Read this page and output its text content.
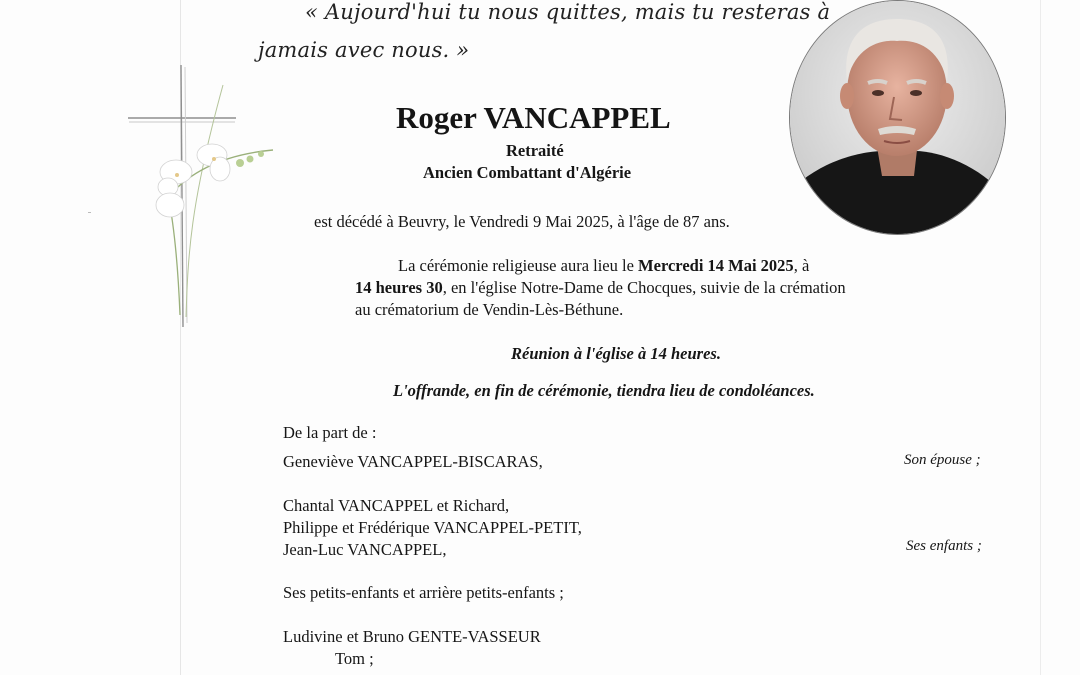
« Aujourd'hui tu nous quittes, mais tu resteras à
jamais avec nous. »
Roger VANCAPPEL
Retraité
Ancien Combattant d'Algérie
est décédé à Beuvry, le Vendredi 9 Mai 2025, à l'âge de 87 ans.
La cérémonie religieuse aura lieu le Mercredi 14 Mai 2025, à
14 heures 30, en l'église Notre-Dame de Chocques, suivie de la crémation
au crématorium de Vendin-Lès-Béthune.
Réunion à l'église à 14 heures.
L'offrande, en fin de cérémonie, tiendra lieu de condoléances.
De la part de :
Geneviève VANCAPPEL-BISCARAS,	Son épouse ;
Chantal VANCAPPEL et Richard,
Philippe et Frédérique VANCAPPEL-PETIT,
Jean-Luc VANCAPPEL,	Ses enfants ;
Ses petits-enfants et arrière petits-enfants ;
Ludivine et Bruno GENTE-VASSEUR
Tom ;
